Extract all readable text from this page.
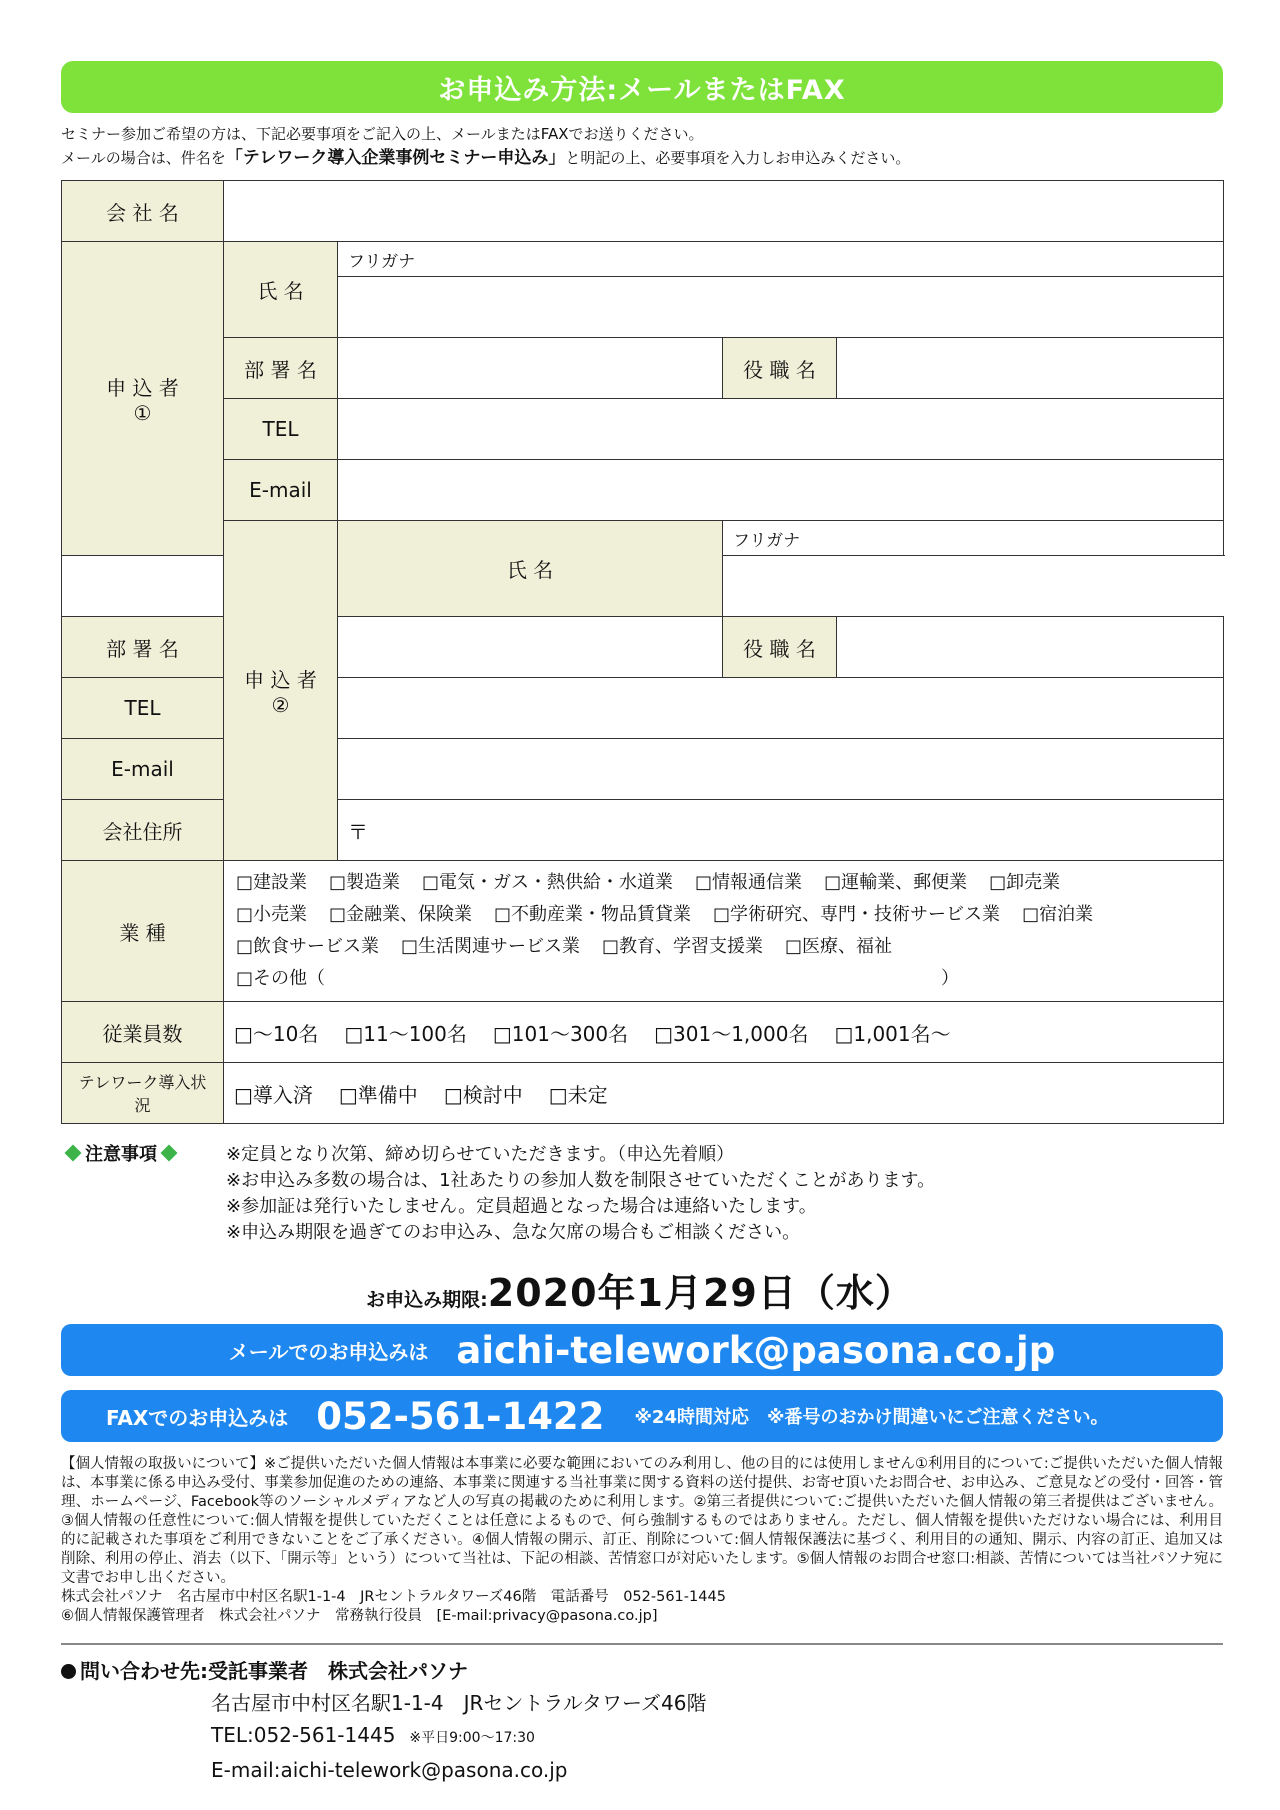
お申込み方法:メールまたはFAX
セミナー参加ご希望の方は、下記必要事項をご記入の上、メールまたはFAXでお送りください。
メールの場合は、件名を「テレワーク導入企業事例セミナー申込み」と明記の上、必要事項を入力しお申込みください。
会 社 名				

申 込 者
①	氏 名	フリガナ		

	部 署 名		役 職 名	
	TEL			
	E-mail			

	申 込 者
②	氏 名	フリガナ	

部 署 名			役 職 名	
TEL				
E-mail				
会社住所		〒		
業 種	□建設業 □製造業 □電気・ガス・熱供給・水道業 □情報通信業 □運輸業、郵便業 □卸売業
□小売業 □金融業、保険業 □不動産業・物品賃貸業 □学術研究、専門・技術サービス業 □宿泊業
□飲食サービス業 □生活関連サービス業 □教育、学習支援業 □医療、福祉
□その他（ ）			

従業員数	□～10名 □11～100名 □101～300名 □301～1,000名 □1,001名～			
テレワーク導入状況	□導入済 □準備中 □検討中 □未定			
注意事項	※定員となり次第、締め切らせていただきます。（申込先着順）
※お申込み多数の場合は、1社あたりの参加人数を制限させていただくことがあります。
※参加証は発行いたしません。定員超過となった場合は連絡いたします。
※申込み期限を過ぎてのお申込み、急な欠席の場合もご相談ください。
お申込み期限:2020年1月29日（水）
メールでのお申込みは aichi-telework@pasona.co.jp
FAXでのお申込みは 052-561-1422 ※24時間対応　※番号のおかけ間違いにご注意ください。
【個人情報の取扱いについて】※ご提供いただいた個人情報は本事業に必要な範囲においてのみ利用し、他の目的には使用しません①利用目的について:ご提供いただいた個人情報は、本事業に係る申込み受付、事業参加促進のための連絡、本事業に関連する当社事業に関する資料の送付提供、お寄せ頂いたお問合せ、お申込み、ご意見などの受付・回答・管理、ホームページ、Facebook等のソーシャルメディアなど人の写真の掲載のために利用します。②第三者提供について:ご提供いただいた個人情報の第三者提供はございません。③個人情報の任意性について:個人情報を提供していただくことは任意によるもので、何ら強制するものではありません。ただし、個人情報を提供いただけない場合には、利用目的に記載された事項をご利用できないことをご了承ください。④個人情報の開示、訂正、削除について:個人情報保護法に基づく、利用目的の通知、開示、内容の訂正、追加又は削除、利用の停止、消去（以下、「開示等」という）について当社は、下記の相談、苦情窓口が対応いたします。⑤個人情報のお問合せ窓口:相談、苦情については当社パソナ宛に文書でお申し出ください。

株式会社パソナ　名古屋市中村区名駅1-1-4　JRセントラルタワーズ46階　電話番号　052-561-1445

⑥個人情報保護管理者　株式会社パソナ　常務執行役員　[E-mail:privacy@pasona.co.jp]

問い合わせ先:受託事業者　株式会社パソナ
名古屋市中村区名駅1-1-4　JRセントラルタワーズ46階
TEL:052-561-1445 ※平日9:00～17:30
E-mail:aichi-telework@pasona.co.jp
